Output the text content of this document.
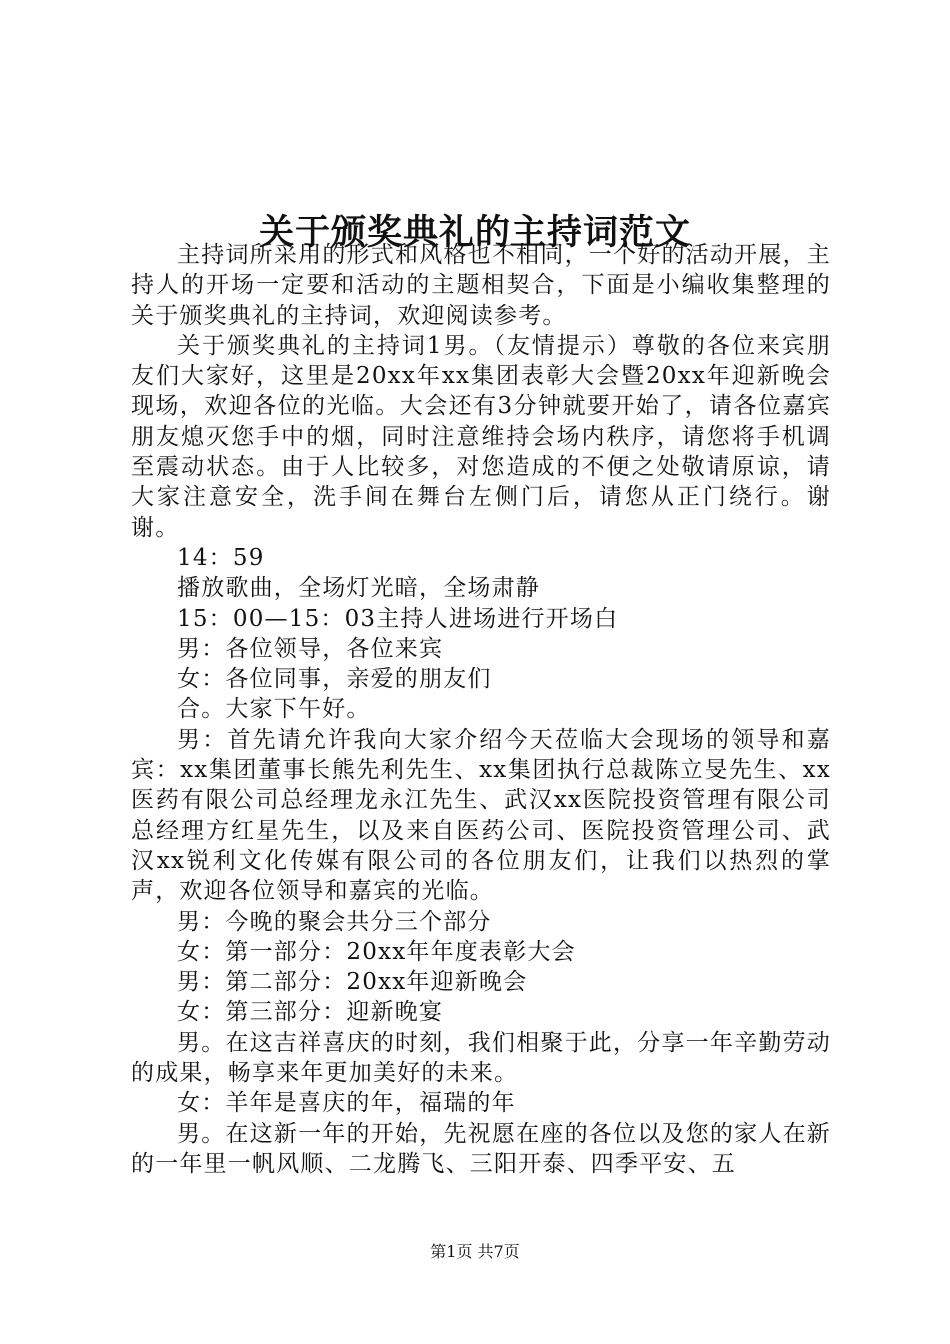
关于颁奖典礼的主持词范文

主持词所采用的形式和风格也不相同，一个好的活动开展，主持人的开场一定要和活动的主题相契合，下面是小编收集整理的关于颁奖典礼的主持词，欢迎阅读参考。

关于颁奖典礼的主持词1男。（友情提示）尊敬的各位来宾朋友们大家好，这里是20xx年xx集团表彰大会暨20xx年迎新晚会现场，欢迎各位的光临。大会还有3分钟就要开始了，请各位嘉宾朋友熄灭您手中的烟，同时注意维持会场内秩序，请您将手机调至震动状态。由于人比较多，对您造成的不便之处敬请原谅，请大家注意安全，洗手间在舞台左侧门后，请您从正门绕行。谢谢。

14：59

播放歌曲，全场灯光暗，全场肃静

15：00—15：03主持人进场进行开场白

男：各位领导，各位来宾

女：各位同事，亲爱的朋友们

合。大家下午好。

男：首先请允许我向大家介绍今天莅临大会现场的领导和嘉宾：xx集团董事长熊先利先生、xx集团执行总裁陈立旻先生、xx医药有限公司总经理龙永江先生、武汉xx医院投资管理有限公司总经理方红星先生，以及来自医药公司、医院投资管理公司、武汉xx锐利文化传媒有限公司的各位朋友们，让我们以热烈的掌声，欢迎各位领导和嘉宾的光临。

男：今晚的聚会共分三个部分

女：第一部分：20xx年年度表彰大会

男：第二部分：20xx年迎新晚会

女：第三部分：迎新晚宴

男。在这吉祥喜庆的时刻，我们相聚于此，分享一年辛勤劳动的成果，畅享来年更加美好的未来。

女：羊年是喜庆的年，福瑞的年

男。在这新一年的开始，先祝愿在座的各位以及您的家人在新的一年里一帆风顺、二龙腾飞、三阳开泰、四季平安、五

第1页 共7页
